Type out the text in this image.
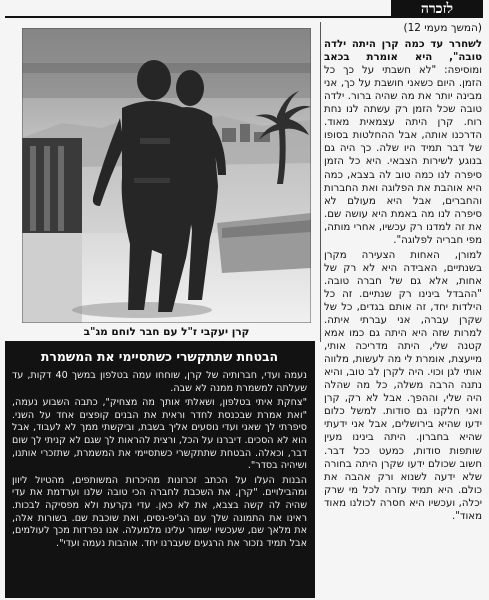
לזכרה

(המשך מעמי 12)

לשחרר עד כמה קרן היתה ילדה טובה", היא אומרת בכאב ומוסיפה: "לא חשבתי על כך כל הזמן. היום כשאני חושבת על כך, אני מבינה יותר את מה שהיה ברור. ילדה טובה שכל הזמן רק עשתה לנו נחת רוח. קרן היתה עצמאית מאוד. הדרכנו אותה, אבל ההחלטות בסופו של דבר תמיד היו שלה. כך היה גם בנוגע לשירות הצבאי. היא כל הזמן סיפרה לנו כמה טוב לה בצבא, כמה היא אוהבת את הפלוגה ואת החברות והחברים, אבל היא מעולם לא סיפרה לנו מה באמת היא עושה שם. את זה למדנו רק עכשיו, אחרי מותה, מפי חבריה לפלוגה".

למורן, האחות הצעירה מקרן בשנתיים, האבידה היא לא רק של אחות, אלא גם של חברה טובה. "ההבדל בינינו רק שנתיים. זה כל הילדות יחד, זה אותם בגדים, כל של שקרן עברה, אני עברתי איתה. למרות שזה היא היתה גם כמו אמא קטנה שלי, היתה מדריכה אותי, מייעצת, אומרת לי מה לעשות, מלווה אותי לגן וכוי. היה לקרן לב טוב, והיא נתנה הרבה משלה, כל מה שהלה היה שלי, וההפך. אבל לא רק, קרן ואני חלקנו גם סודות. למשל כלום ידעו שהיא בירושלים, אבל אני ידעתי שהיא בחברון. היתה בינינו מעין שותפות סודות, כמעט ככל דבר. חשוב שכולם ידעו שקרן היתה בחורה שלא ידעה לשנוא ורק אהבה את כולם. היא תמיד עזרה לכל מי שרק יכלה, ועכשיו היא חסרה לכולנו מאוד מאוד".

קרן יעקבי ז"ל עם חבר לוחם מג"ב
הבטחת שתתקשרי כשתסיימי את המשמרת

נעמה ועדי, חברותיה של קרן, שוחחו עמה בטלפון במשך 40 דקות, עד שעלתה למשמרת ממנה לא שבה.

"צחקת איתי בטלפון, ושאלתי אותך מה מצחיק", כתבה השבוע נעמה, "ואת אמרת שבכנסת לחדר וראית את הבנים קופצים אחד על השני. סיפרתי לך שאני ועדי נוסעים אליך בשבת, וביקשתי ממך לא לעבוד, אבל הוא לא הסכים. דיברנו על הכל, ורצית להראות לך שגם לא קניתי לך שום דבר, וכאלה. הבטחת שתתקשרי כשתסיימי את המשמרת, שתזכרי אותנו, ושיהיה בסדר".

הבנות העלו על הכתב זכרונות מהיכרות המשותפים, מהטיול ליוון ומהבילויים. "קרן, את השכבת לחברה הכי טובה שלנו וערדמת את עדי שהיה לה קשה בצבא, את לא כאן. עדי נקרעת ולא מפסיקה לבכות. ראינו את התמונה שלך עם הג'יפ-נסים, ואת שוכבת שם. בשורות אלה, את מלאך שם, שעכשיו ישמור עלינו מלמעלה. אנו נפרדות מכך לעולמים, אבל תמיד נזכור את הרגעים שעברנו יחד. אוהבות נעמה ועדי".
